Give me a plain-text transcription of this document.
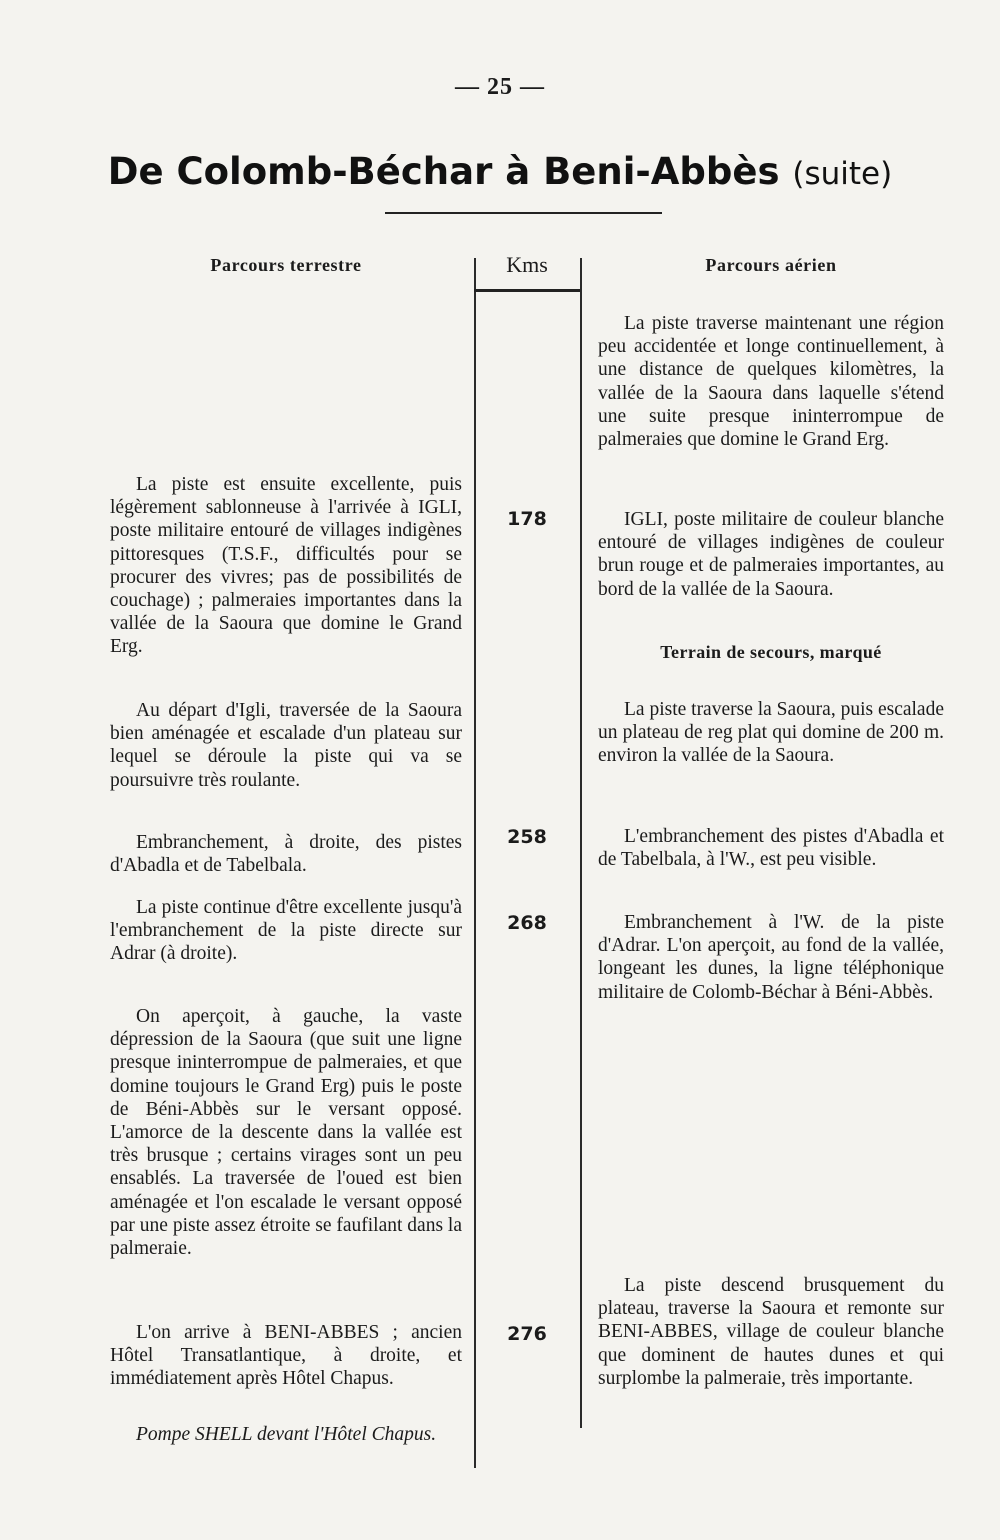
— 25 —
De Colomb-Béchar à Beni-Abbès (suite)
Parcours terrestre	Kms	Parcours aérien

La piste est ensuite excellente, puis légèrement sablonneuse à l'arrivée à IGLI, poste militaire entouré de villages indigènes pittoresques (T.S.F., difficultés pour se procurer des vivres; pas de possibilités de couchage) ; palmeraies importantes dans la vallée de la Saoura que domine le Grand Erg.

Au départ d'Igli, traversée de la Saoura bien aménagée et escalade d'un plateau sur lequel se déroule la piste qui va se poursuivre très roulante.

Embranchement, à droite, des pistes d'Abadla et de Tabelbala.

La piste continue d'être excellente jusqu'à l'embranchement de la piste directe sur Adrar (à droite).

On aperçoit, à gauche, la vaste dépression de la Saoura (que suit une ligne presque ininterrompue de palmeraies, et que domine toujours le Grand Erg) puis le poste de Béni-Abbès sur le versant opposé. L'amorce de la descente dans la vallée est très brusque ; certains virages sont un peu ensablés. La traversée de l'oued est bien aménagée et l'on escalade le versant opposé par une piste assez étroite se faufilant dans la palmeraie.

L'on arrive à BENI-ABBES ; ancien Hôtel Transatlantique, à droite, et immédiatement après Hôtel Chapus.

Pompe SHELL devant l'Hôtel Chapus.

178
258
268
276

La piste traverse maintenant une région peu accidentée et longe continuellement, à une distance de quelques kilomètres, la vallée de la Saoura dans laquelle s'étend une suite presque ininterrompue de palmeraies que domine le Grand Erg.

IGLI, poste militaire de couleur blanche entouré de villages indigènes de couleur brun rouge et de palmeraies importantes, au bord de la vallée de la Saoura.

Terrain de secours, marqué

La piste traverse la Saoura, puis escalade un plateau de reg plat qui domine de 200 m. environ la vallée de la Saoura.

L'embranchement des pistes d'Abadla et de Tabelbala, à l'W., est peu visible.

Embranchement à l'W. de la piste d'Adrar. L'on aperçoit, au fond de la vallée, longeant les dunes, la ligne téléphonique militaire de Colomb-Béchar à Béni-Abbès.

La piste descend brusquement du plateau, traverse la Saoura et remonte sur BENI-ABBES, village de couleur blanche que dominent de hautes dunes et qui surplombe la palmeraie, très importante.
